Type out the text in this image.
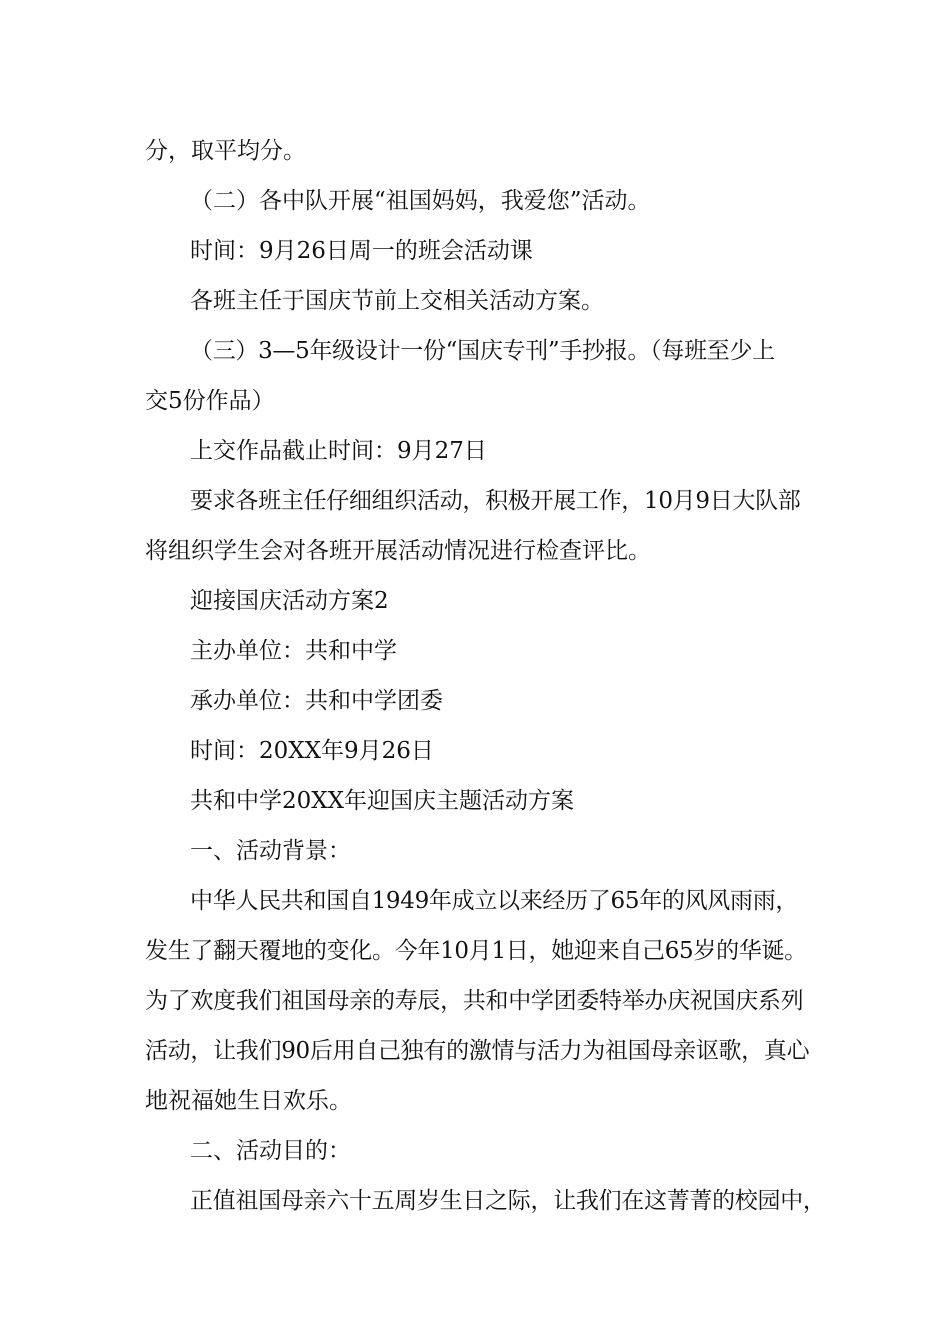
分，取平均分。
（二）各中队开展“祖国妈妈，我爱您”活动。
时间：9月26日周一的班会活动课
各班主任于国庆节前上交相关活动方案。
（三）3—5年级设计一份“国庆专刊”手抄报。（每班至少上
交5份作品）
上交作品截止时间：9月27日
要求各班主任仔细组织活动，积极开展工作，10月9日大队部
将组织学生会对各班开展活动情况进行检查评比。
迎接国庆活动方案2
主办单位：共和中学
承办单位：共和中学团委
时间：20XX年9月26日
共和中学20XX年迎国庆主题活动方案
一、活动背景：
中华人民共和国自1949年成立以来经历了65年的风风雨雨，
发生了翻天覆地的变化。今年10月1日，她迎来自己65岁的华诞。
为了欢度我们祖国母亲的寿辰，共和中学团委特举办庆祝国庆系列
活动，让我们90后用自己独有的激情与活力为祖国母亲讴歌，真心
地祝福她生日欢乐。
二、活动目的：
正值祖国母亲六十五周岁生日之际，让我们在这菁菁的校园中，
